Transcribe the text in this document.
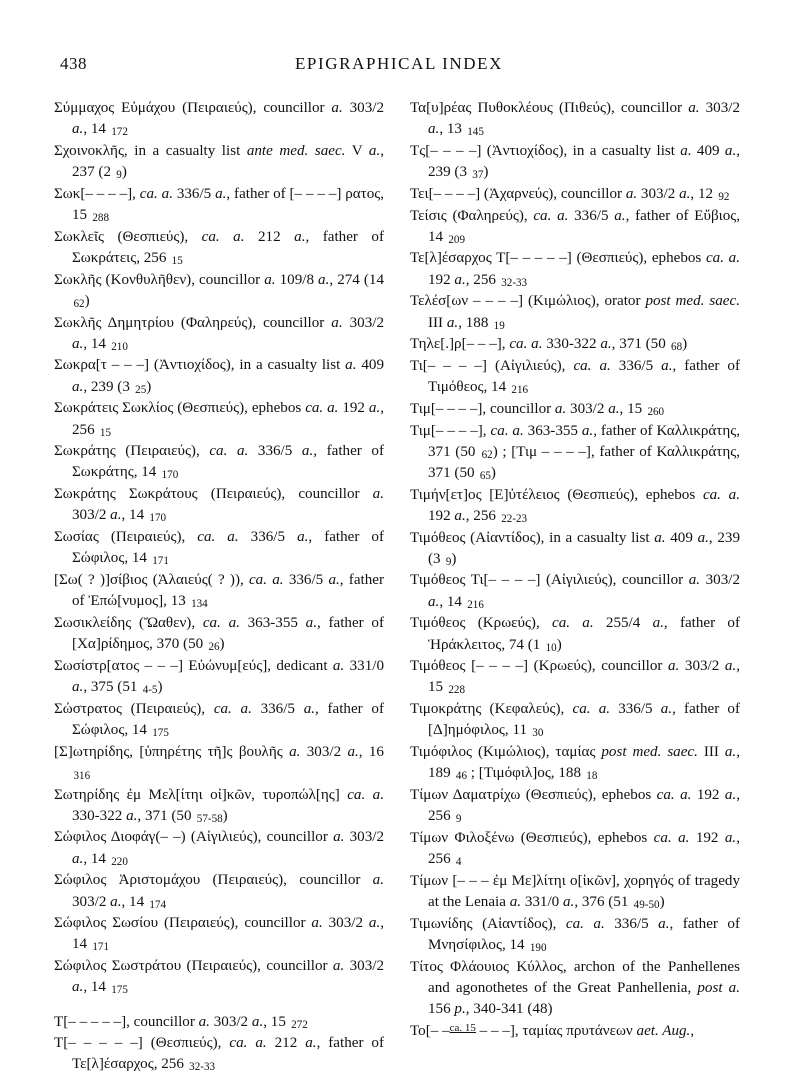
438	EPIGRAPHICAL INDEX

Σύμμαχος Εὐμάχου (Πειραιεύς), councillor a. 303/2 a., 14 172

Σχοινοκλῆς, in a casualty list ante med. saec. V a., 237 (2 9)

Σωκ[– – – –], ca. a. 336/5 a., father of [– – – –] ρατος, 15 288

Σωκλεῖς (Θεσπιεύς), ca. a. 212 a., father of Σωκράτεις, 256 15

Σωκλῆς (Κονθυλῆθεν), councillor a. 109/8 a., 274 (14 62)

Σωκλῆς Δημητρίου (Φαληρεύς), councillor a. 303/2 a., 14 210

Σωκρα[τ – – –] (Ἀντιοχίδος), in a casualty list a. 409 a., 239 (3 25)

Σωκράτεις Σωκλίος (Θεσπιεύς), ephebos ca. a. 192 a., 256 15

Σωκράτης (Πειραιεύς), ca. a. 336/5 a., father of Σωκράτης, 14 170

Σωκράτης Σωκράτους (Πειραιεύς), councillor a. 303/2 a., 14 170

Σωσίας (Πειραιεύς), ca. a. 336/5 a., father of Σώφιλος, 14 171

[Σω( ? )]σίβιος (Ἁλαιεύς( ? )), ca. a. 336/5 a., father of Ἐπώ[νυμος], 13 134

Σωσικλείδης (Ὤαθεν), ca. a. 363-355 a., father of [Χα]ρίδημος, 370 (50 26)

Σωσίστρ[ατος – – –] Εὐώνυμ[εύς], dedicant a. 331/0 a., 375 (51 4-5)

Σώστρατος (Πειραιεύς), ca. a. 336/5 a., father of Σώφιλος, 14 175

[Σ]ωτηρίδης, [ὑπηρέτης τῆ]ς βουλῆς a. 303/2 a., 16 316

Σωτηρίδης ἐμ Μελ[ίτηι οἰ]κῶν, τυροπώλ[ης] ca. a. 330-322 a., 371 (50 57-58)

Σώφιλος Διοφάγ(– –) (Αἰγιλιεύς), councillor a. 303/2 a., 14 220

Σώφιλος Ἀριστομάχου (Πειραιεύς), councillor a. 303/2 a., 14 174

Σώφιλος Σωσίου (Πειραιεύς), councillor a. 303/2 a., 14 171

Σώφιλος Σωστράτου (Πειραιεύς), councillor a. 303/2 a., 14 175

Τ[– – – – –], councillor a. 303/2 a., 15 272

Τ[– – – – –] (Θεσπιεύς), ca. a. 212 a., father of Τε[λ]έσαρχος, 256 32-33

Τα[υ]ρέας Πυθοκλέους (Πιθεύς), councillor a. 303/2 a., 13 145

Τς[– – – –] (Ἀντιοχίδος), in a casualty list a. 409 a., 239 (3 37)

Τει[– – – –] (Ἀχαρνεύς), councillor a. 303/2 a., 12 92

Τείσις (Φαληρεύς), ca. a. 336/5 a., father of Εὔβιος, 14 209

Τε[λ]έσαρχος Τ[– – – – –] (Θεσπιεύς), ephebos ca. a. 192 a., 256 32-33

Τελέσ[ων – – – –] (Κιμώλιος), orator post med. saec. III a., 188 19

Τηλε[.]ρ[– – –], ca. a. 330-322 a., 371 (50 68)

Τι[– – – –] (Αἰγιλιεύς), ca. a. 336/5 a., father of Τιμόθεος, 14 216

Τιμ[– – – –], councillor a. 303/2 a., 15 260

Τιμ[– – – –], ca. a. 363-355 a., father of Καλλικράτης, 371 (50 62) ; [Τιμ – – – –], father of Καλλικράτης, 371 (50 65)

Τιμήν[ετ]ος [Ε]ὐτέλειος (Θεσπιεύς), ephebos ca. a. 192 a., 256 22-23

Τιμόθεος (Αἰαντίδος), in a casualty list a. 409 a., 239 (3 9)

Τιμόθεος Τι[– – – –] (Αἰγιλιεύς), councillor a. 303/2 a., 14 216

Τιμόθεος (Κρωεύς), ca. a. 255/4 a., father of Ἡράκλειτος, 74 (1 10)

Τιμόθεος [– – – –] (Κρωεύς), councillor a. 303/2 a., 15 228

Τιμοκράτης (Κεφαλεύς), ca. a. 336/5 a., father of [Δ]ημόφιλος, 11 30

Τιμόφιλος (Κιμώλιος), ταμίας post med. saec. III a., 189 46 ; [Τιμόφιλ]ος, 188 18

Τίμων Δαματρίχω (Θεσπιεύς), ephebos ca. a. 192 a., 256 9

Τίμων Φιλοξένω (Θεσπιεύς), ephebos ca. a. 192 a., 256 4

Τίμων [– – – ἐμ Με]λίτηι ο[ἰκῶν], χορηγός of tragedy at the Lenaia a. 331/0 a., 376 (51 49-50)

Τιμωνίδης (Αἰαντίδος), ca. a. 336/5 a., father of Μνησίφιλος, 14 190

Τίτος Φλάουιος Κύλλος, archon of the Panhellenes and agonothetes of the Great Panhellenia, post a. 156 p., 340-341 (48)

Το[– –$^{ca. 15}$ – – –], ταμίας πρυτάνεων aet. Aug.,
